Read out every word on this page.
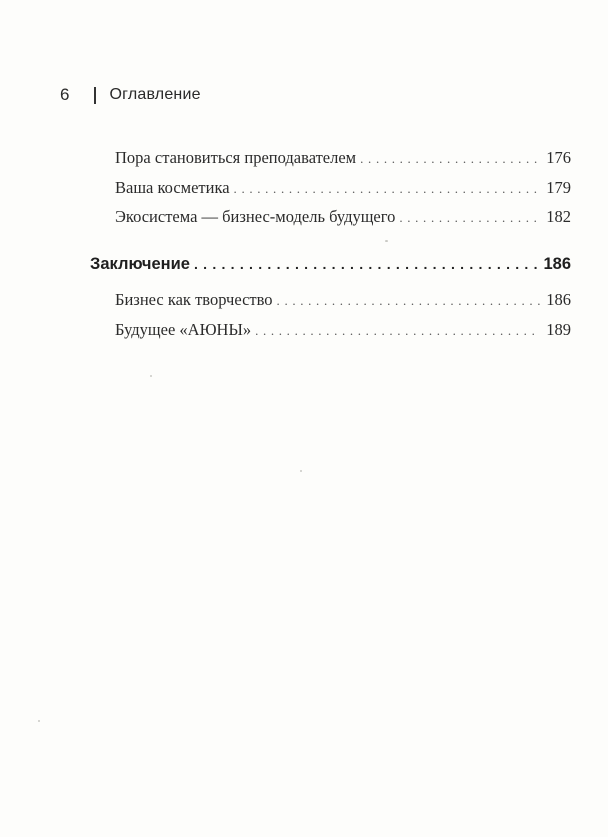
6	Оглавление
Пора становиться преподавателем . . .	176
Ваша косметика . . .	179
Экосистема — бизнес-модель будущего . . .	182
Заключение . . .	186
Бизнес как творчество . . .	186
Будущее «АЮНЫ» . . .	189
